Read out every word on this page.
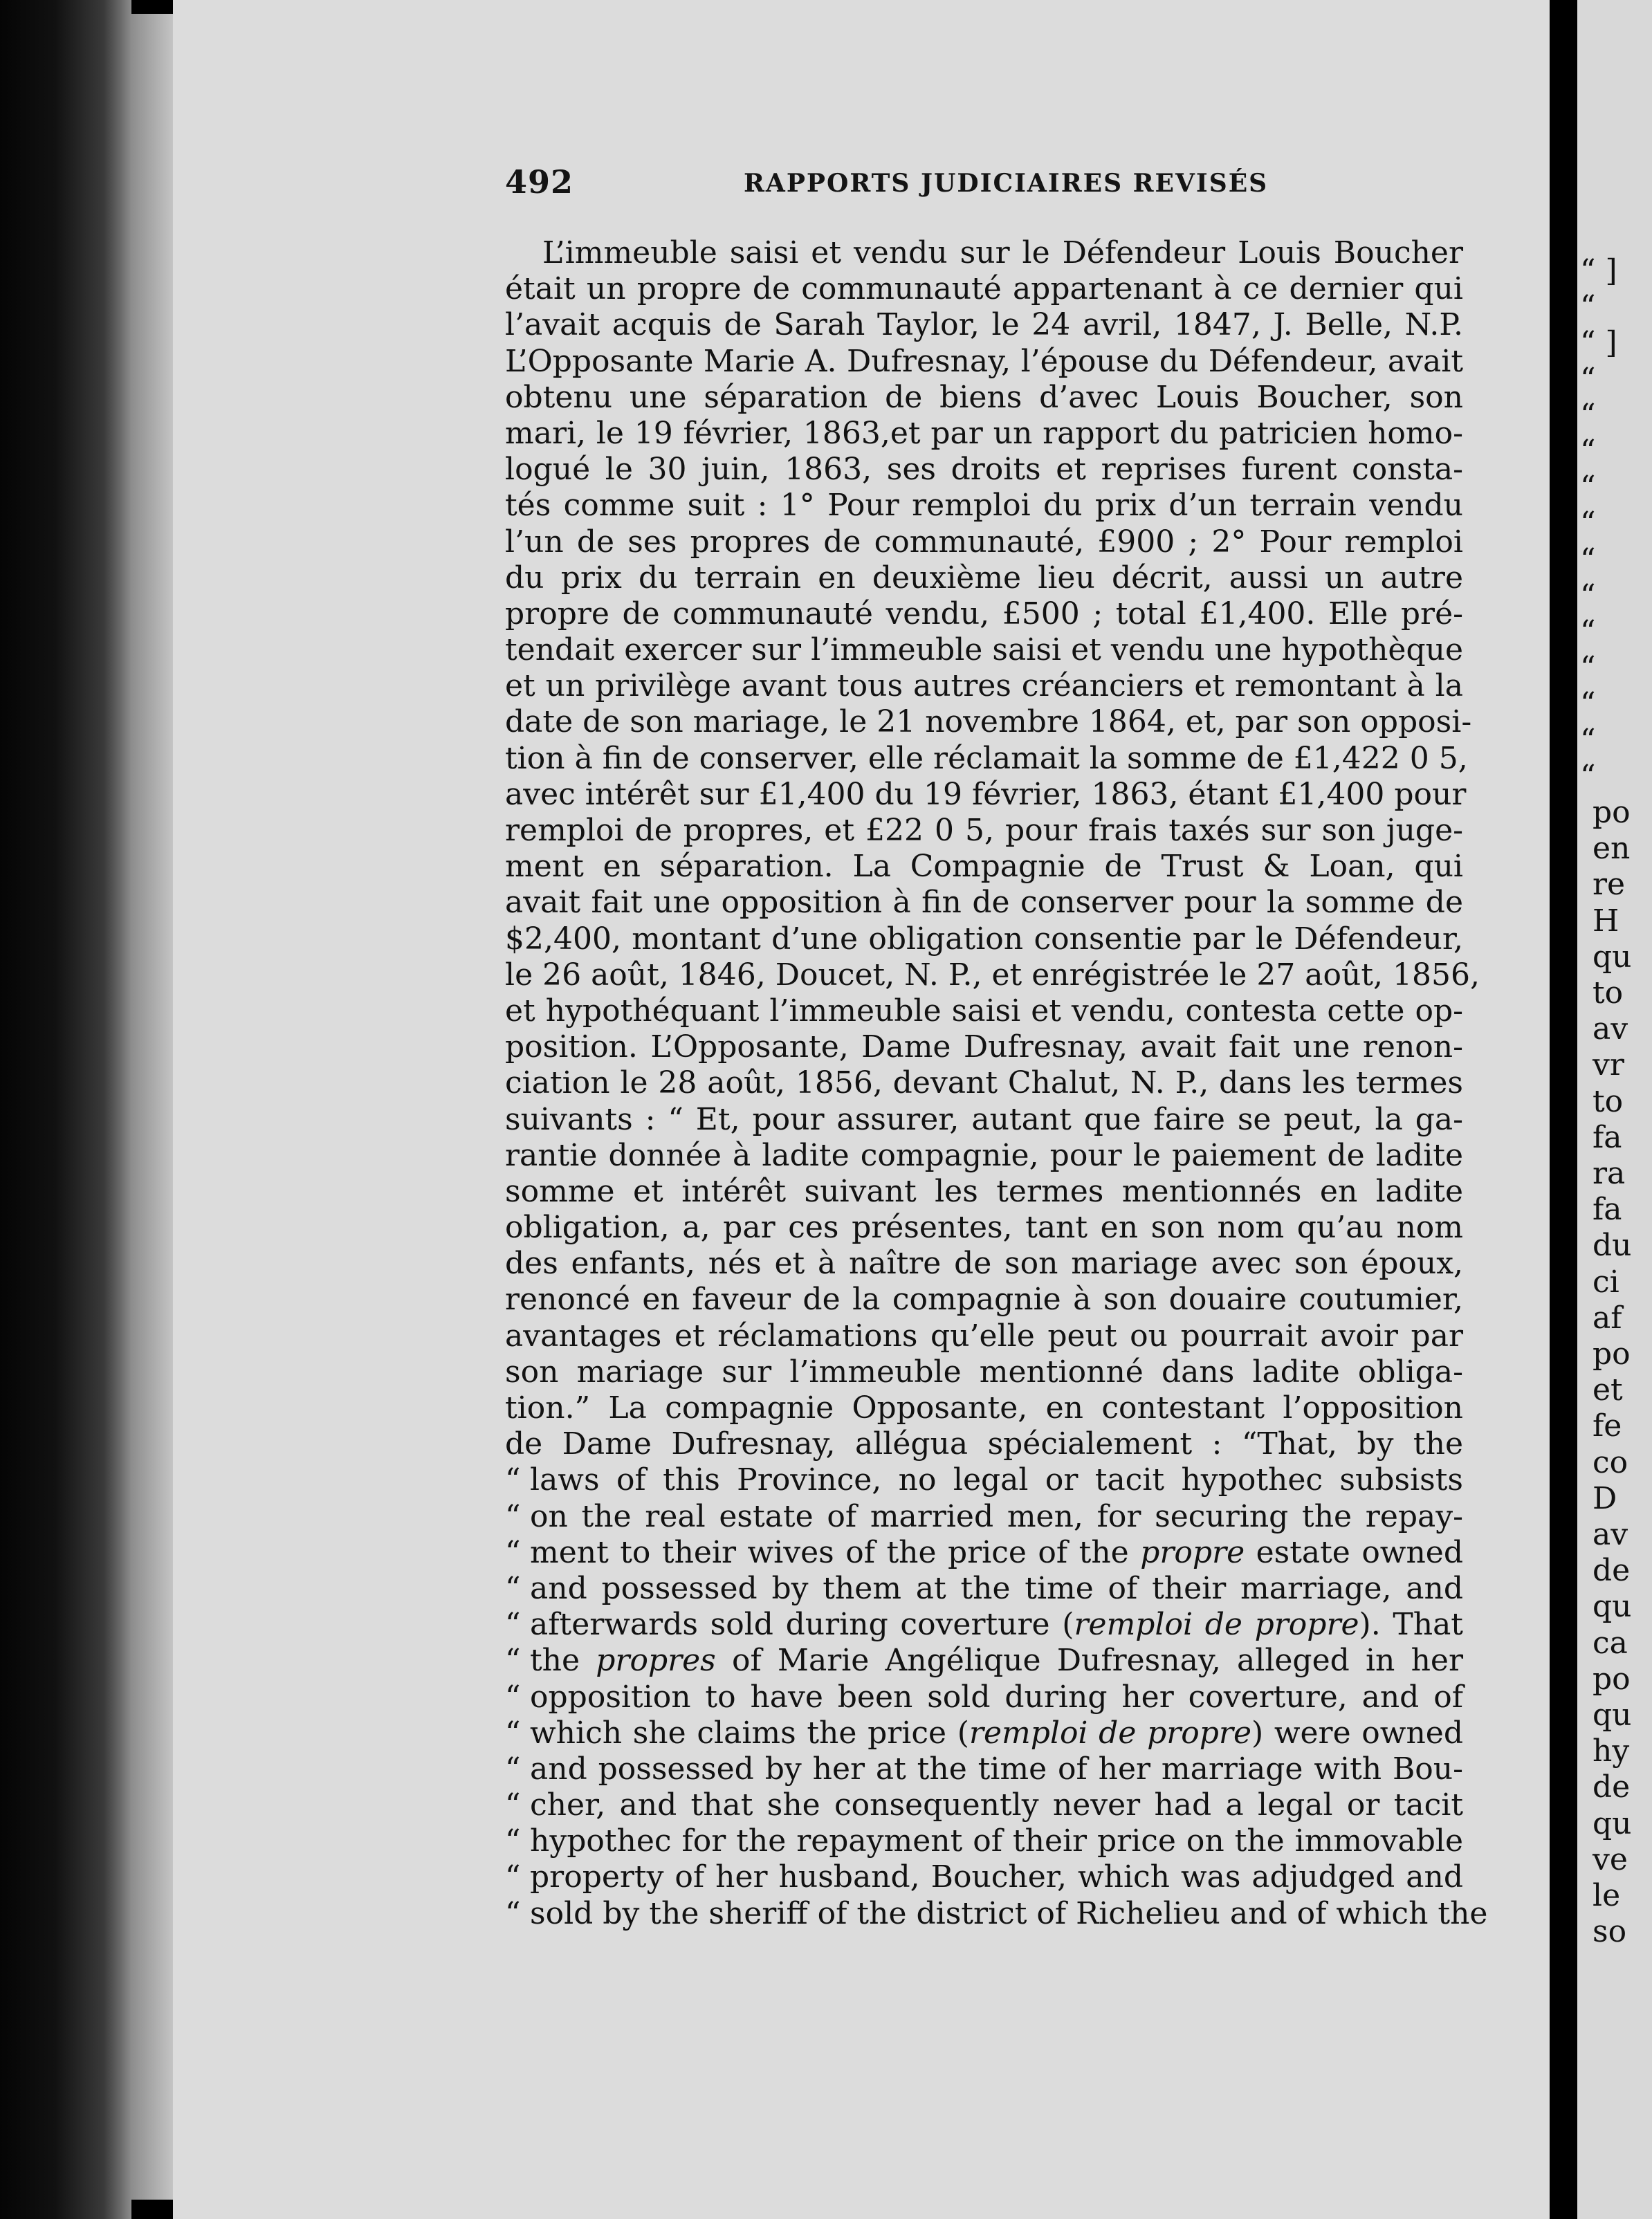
492	RAPPORTS JUDICIAIRES REVISÉS
L’immeuble saisi et vendu sur le Défendeur Louis Boucher
était un propre de communauté appartenant à ce dernier qui
l’avait acquis de Sarah Taylor, le 24 avril, 1847, J. Belle, N.P.
L’Opposante Marie A. Dufresnay, l’épouse du Défendeur, avait
obtenu une séparation de biens d’avec Louis Boucher, son
mari, le 19 février, 1863,et par un rapport du patricien homo-
logué le 30 juin, 1863, ses droits et reprises furent consta-
tés comme suit : 1° Pour remploi du prix d’un terrain vendu
l’un de ses propres de communauté, £900 ; 2° Pour remploi
du prix du terrain en deuxième lieu décrit, aussi un autre
propre de communauté vendu, £500 ; total £1,400. Elle pré-
tendait exercer sur l’immeuble saisi et vendu une hypothèque
et un privilège avant tous autres créanciers et remontant à la
date de son mariage, le 21 novembre 1864, et, par son opposi-
tion à fin de conserver, elle réclamait la somme de £1,422 0 5,
avec intérêt sur £1,400 du 19 février, 1863, étant £1,400 pour
remploi de propres, et £22 0 5, pour frais taxés sur son juge-
ment en séparation. La Compagnie de Trust & Loan, qui
avait fait une opposition à fin de conserver pour la somme de
$2,400, montant d’une obligation consentie par le Défendeur,
le 26 août, 1846, Doucet, N. P., et enrégistrée le 27 août, 1856,
et hypothéquant l’immeuble saisi et vendu, contesta cette op-
position. L’Opposante, Dame Dufresnay, avait fait une renon-
ciation le 28 août, 1856, devant Chalut, N. P., dans les termes
suivants : “ Et, pour assurer, autant que faire se peut, la ga-
rantie donnée à ladite compagnie, pour le paiement de ladite
somme et intérêt suivant les termes mentionnés en ladite
obligation, a, par ces présentes, tant en son nom qu’au nom
des enfants, nés et à naître de son mariage avec son époux,
renoncé en faveur de la compagnie à son douaire coutumier,
avantages et réclamations qu’elle peut ou pourrait avoir par
son mariage sur l’immeuble mentionné dans ladite obliga-
tion.” La compagnie Opposante, en contestant l’opposition
de Dame Dufresnay, allégua spécialement : “That, by the
“ laws of this Province, no legal or tacit hypothec subsists
“ on the real estate of married men, for securing the repay-
“ ment to their wives of the price of the propre estate owned
“ and possessed by them at the time of their marriage, and
“ afterwards sold during coverture (remploi de propre). That
“ the propres of Marie Angélique Dufresnay, alleged in her
“ opposition to have been sold during her coverture, and of
“ which she claims the price (remploi de propre) were owned
“ and possessed by her at the time of her marriage with Bou-
“ cher, and that she consequently never had a legal or tacit
“ hypothec for the repayment of their price on the immovable
“ property of her husband, Boucher, which was adjudged and
“ sold by the sheriff of the district of Richelieu and of which the
“ ]
“
“ ]
“
“
“
“
“
“
“
“
“
“
“
“
po
en
re
H
qu
to
av
vr
to
fa
ra
fa
du
ci
af
po
et
fe
co
D
av
de
qu
ca
po
qu
hy
de
qu
ve
le
so
